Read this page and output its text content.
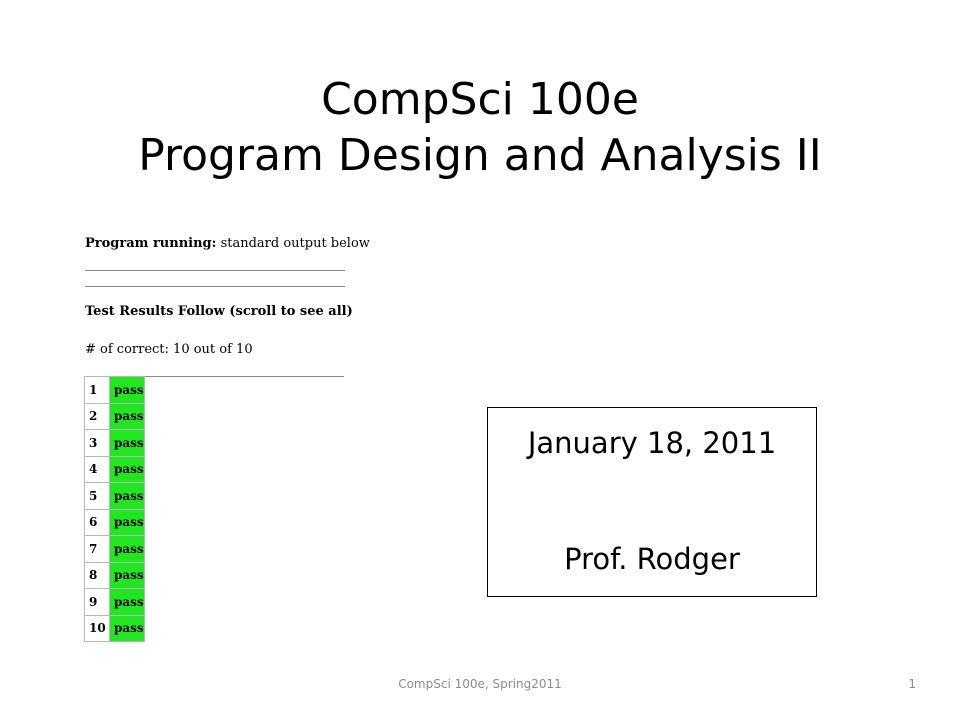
CompSci 100e
Program Design and Analysis II
Program running: standard output below
Test Results Follow (scroll to see all)
# of correct: 10 out of 10
1	pass	
2	pass	
3	pass	
4	pass	
5	pass	
6	pass	
7	pass	
8	pass	
9	pass	
10	pass	
January 18, 2011
Prof. Rodger
CompSci 100e, Spring2011	1
